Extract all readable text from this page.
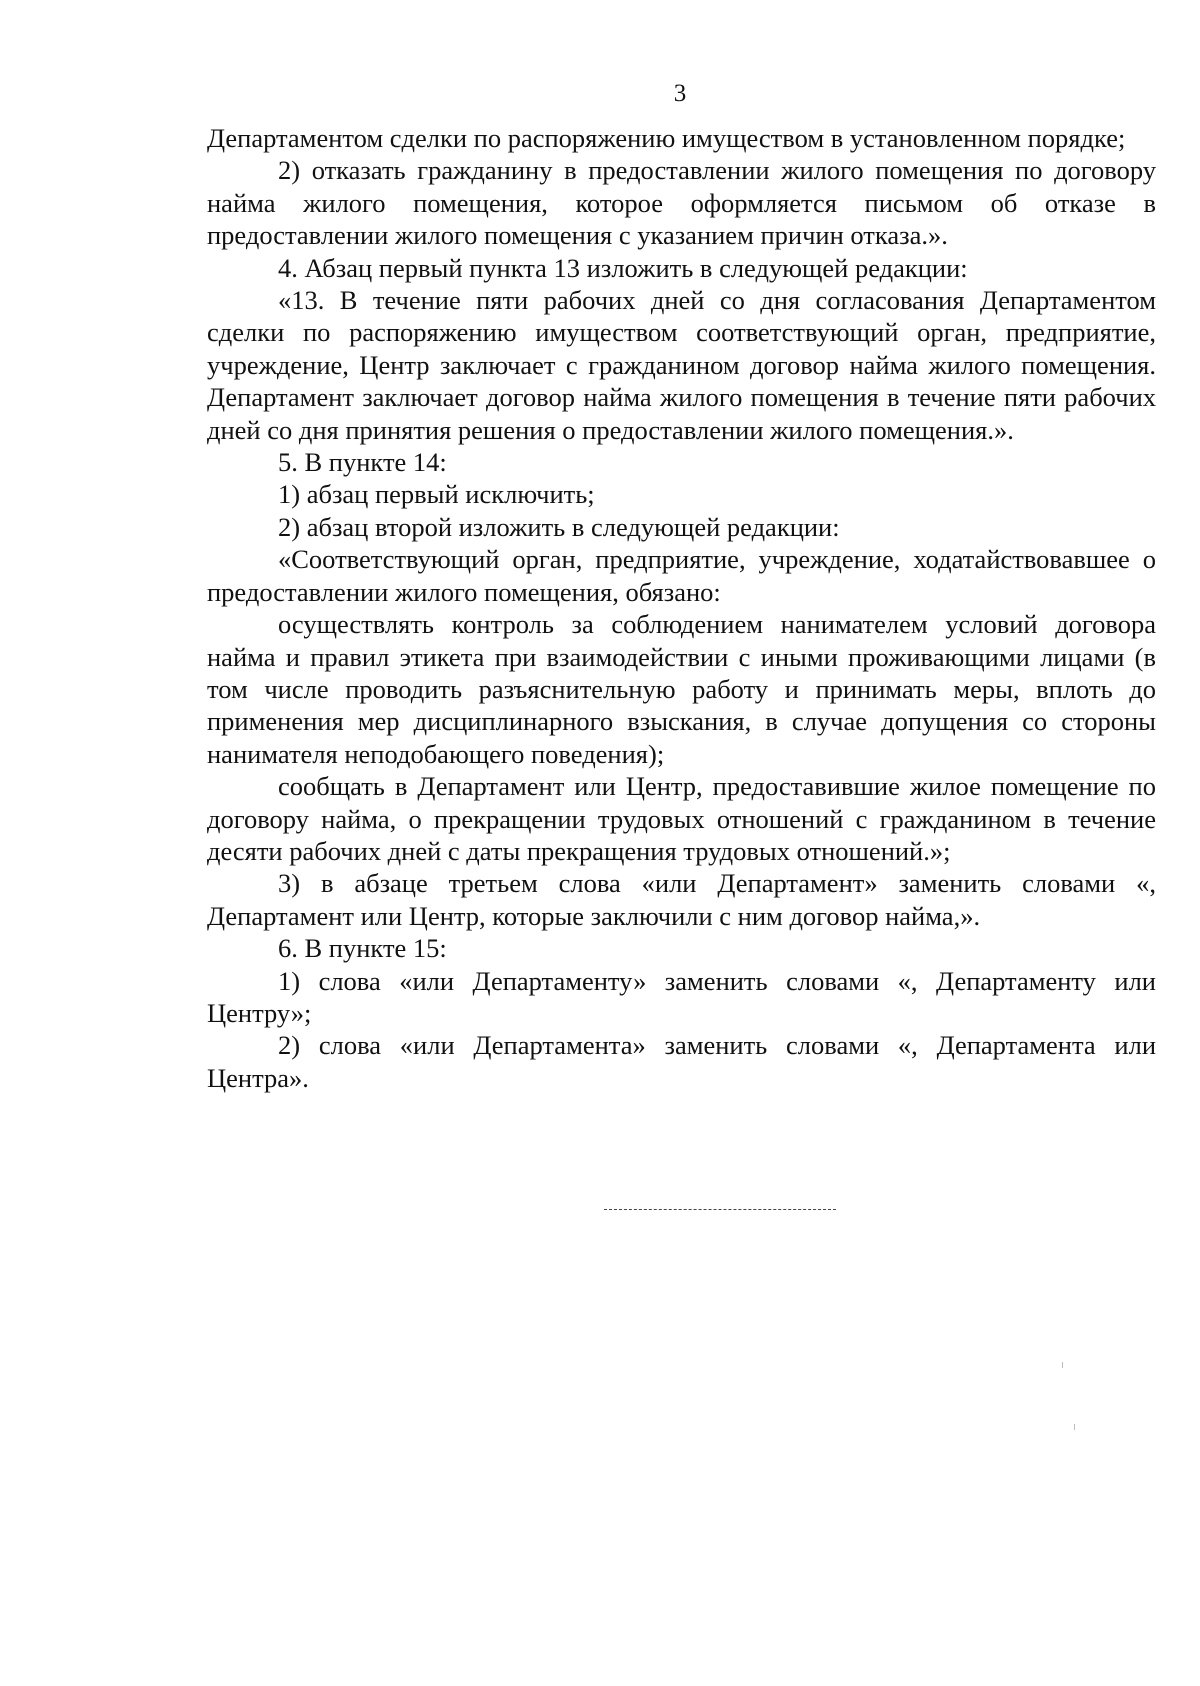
3

Департаментом сделки по распоряжению имуществом в установленном порядке;

2) отказать гражданину в предоставлении жилого помещения по договору найма жилого помещения, которое оформляется письмом об отказе в предоставлении жилого помещения с указанием причин отказа.».

4. Абзац первый пункта 13 изложить в следующей редакции:

«13. В течение пяти рабочих дней со дня согласования Департаментом сделки по распоряжению имуществом соответствующий орган, предприятие, учреждение, Центр заключает с гражданином договор найма жилого помещения. Департамент заключает договор найма жилого помещения в течение пяти рабочих дней со дня принятия решения о предоставлении жилого помещения.».

5. В пункте 14:

1) абзац первый исключить;

2) абзац второй изложить в следующей редакции:

«Соответствующий орган, предприятие, учреждение, ходатайствовавшее о предоставлении жилого помещения, обязано:

осуществлять контроль за соблюдением нанимателем условий договора найма и правил этикета при взаимодействии с иными проживающими лицами (в том числе проводить разъяснительную работу и принимать меры, вплоть до применения мер дисциплинарного взыскания, в случае допущения со стороны нанимателя неподобающего поведения);

сообщать в Департамент или Центр, предоставившие жилое помещение по договору найма, о прекращении трудовых отношений с гражданином в течение десяти рабочих дней с даты прекращения трудовых отношений.»;

3) в абзаце третьем слова «или Департамент» заменить словами «, Департамент или Центр, которые заключили с ним договор найма,».

6. В пункте 15:

1) слова «или Департаменту» заменить словами «, Департаменту или Центру»;

2) слова «или Департамента» заменить словами «, Департамента или Центра».
